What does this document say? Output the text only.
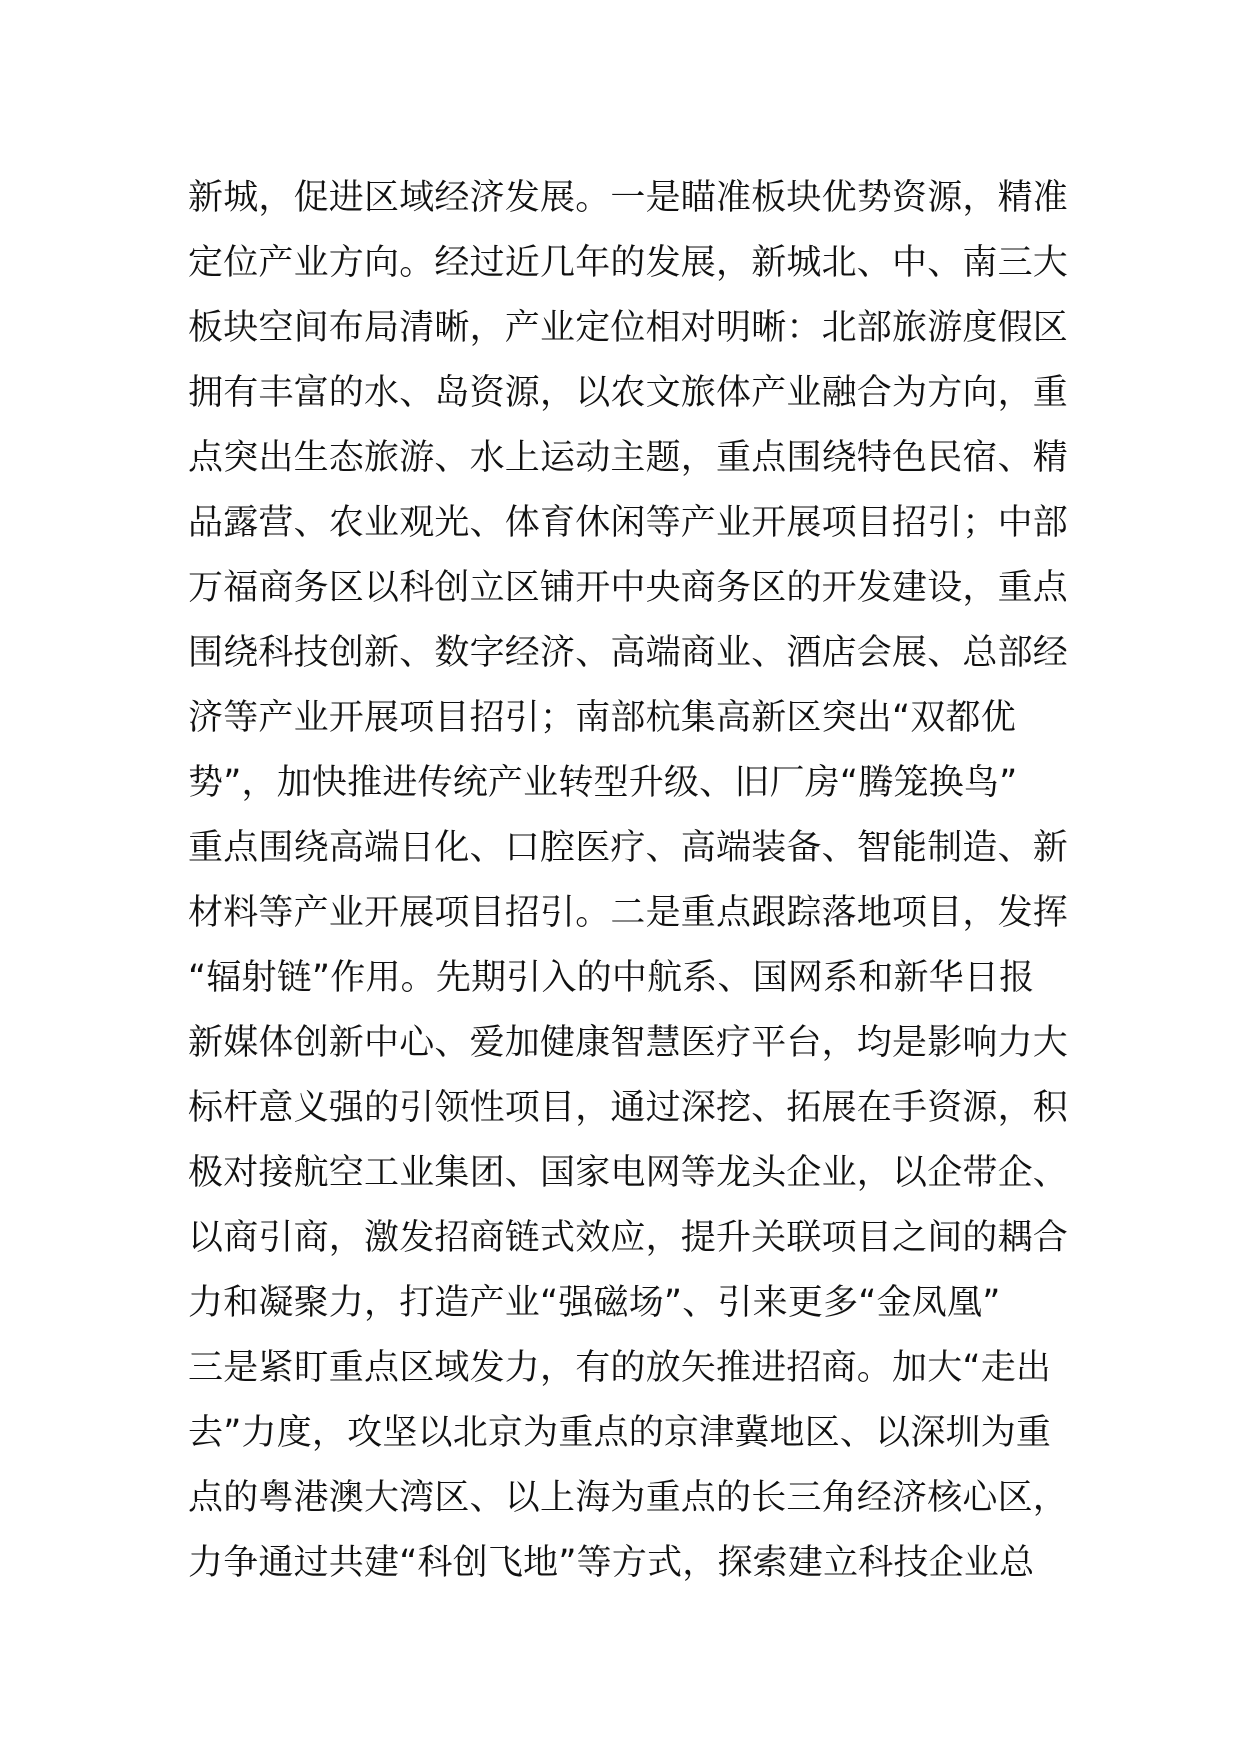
新城，促进区域经济发展。一是瞄准板块优势资源，精准
定位产业方向。经过近几年的发展，新城北、中、南三大
板块空间布局清晰，产业定位相对明晰：北部旅游度假区
拥有丰富的水、岛资源，以农文旅体产业融合为方向，重
点突出生态旅游、水上运动主题，重点围绕特色民宿、精
品露营、农业观光、体育休闲等产业开展项目招引；中部
万福商务区以科创立区铺开中央商务区的开发建设，重点
围绕科技创新、数字经济、高端商业、酒店会展、总部经
济等产业开展项目招引；南部杭集高新区突出“双都优
势”，加快推进传统产业转型升级、旧厂房“腾笼换鸟”
重点围绕高端日化、口腔医疗、高端装备、智能制造、新
材料等产业开展项目招引。二是重点跟踪落地项目，发挥
“辐射链”作用。先期引入的中航系、国网系和新华日报
新媒体创新中心、爱加健康智慧医疗平台，均是影响力大
标杆意义强的引领性项目，通过深挖、拓展在手资源，积
极对接航空工业集团、国家电网等龙头企业，以企带企、
以商引商，激发招商链式效应，提升关联项目之间的耦合
力和凝聚力，打造产业“强磁场”、引来更多“金凤凰”
三是紧盯重点区域发力，有的放矢推进招商。加大“走出
去”力度，攻坚以北京为重点的京津冀地区、以深圳为重
点的粤港澳大湾区、以上海为重点的长三角经济核心区，
力争通过共建“科创飞地”等方式，探索建立科技企业总
